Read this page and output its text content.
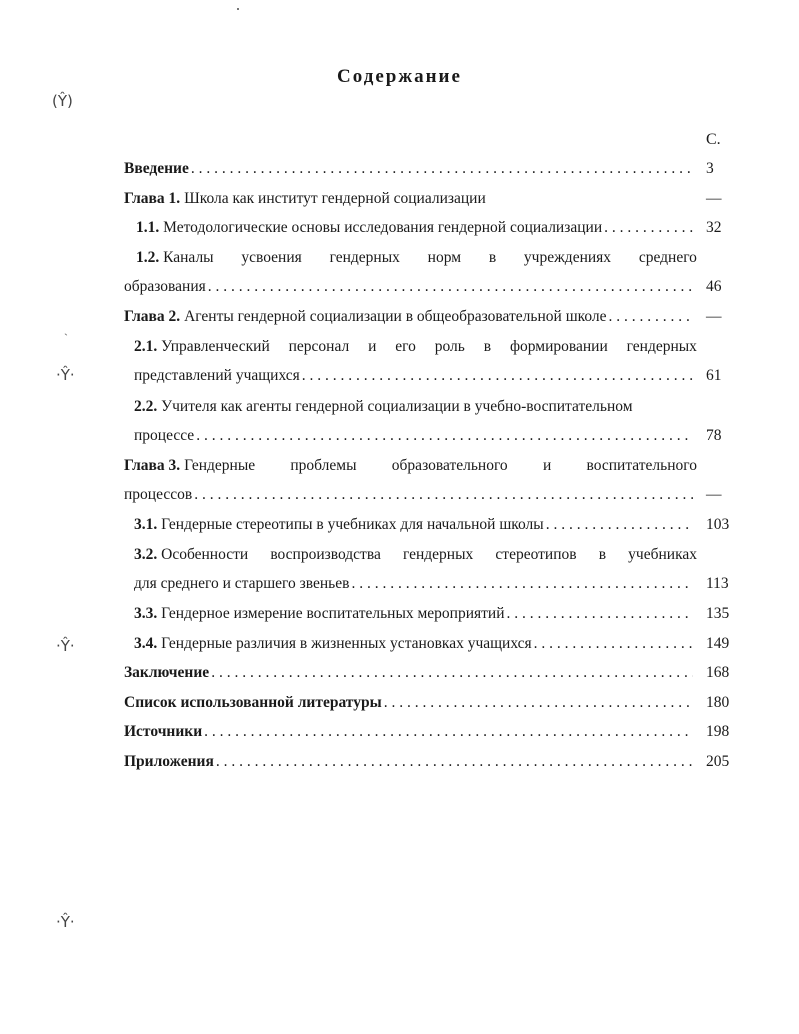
ˋ
(Ŷ)
·Ŷ·
·Ŷ·
·Ŷ·
Содержание
С.
Введение . . .	3
Глава 1. Школа как институт гендерной социализации	—
1.1.
Методологические основы исследования гендерной социализации . . .	32
1.2. Каналы усвоения гендерных норм в учреждениях среднего
образования . . .	46
Глава 2.
Агенты гендерной социализации в общеобразовательной школе . . .	—
2.1. Управленческий персонал и его роль в формировании гендерных
представлений учащихся . . .	61
2.2. Учителя как агенты гендерной социализации в учебно-воспитательном
процессе . . .	78
Глава 3. Гендерные проблемы образовательного и воспитательного
процессов . . .	—
3.1.
Гендерные стереотипы в учебниках для начальной школы . . .	103
3.2. Особенности воспроизводства гендерных стереотипов в учебниках
для среднего и старшего звеньев . . .	113
3.3.
Гендерное измерение воспитательных мероприятий . . .	135
3.4.
Гендерные различия в жизненных установках учащихся . . .	149
Заключение . . .	168
Список использованной литературы . . .	180
Источники . . .	198
Приложения . . .	205
